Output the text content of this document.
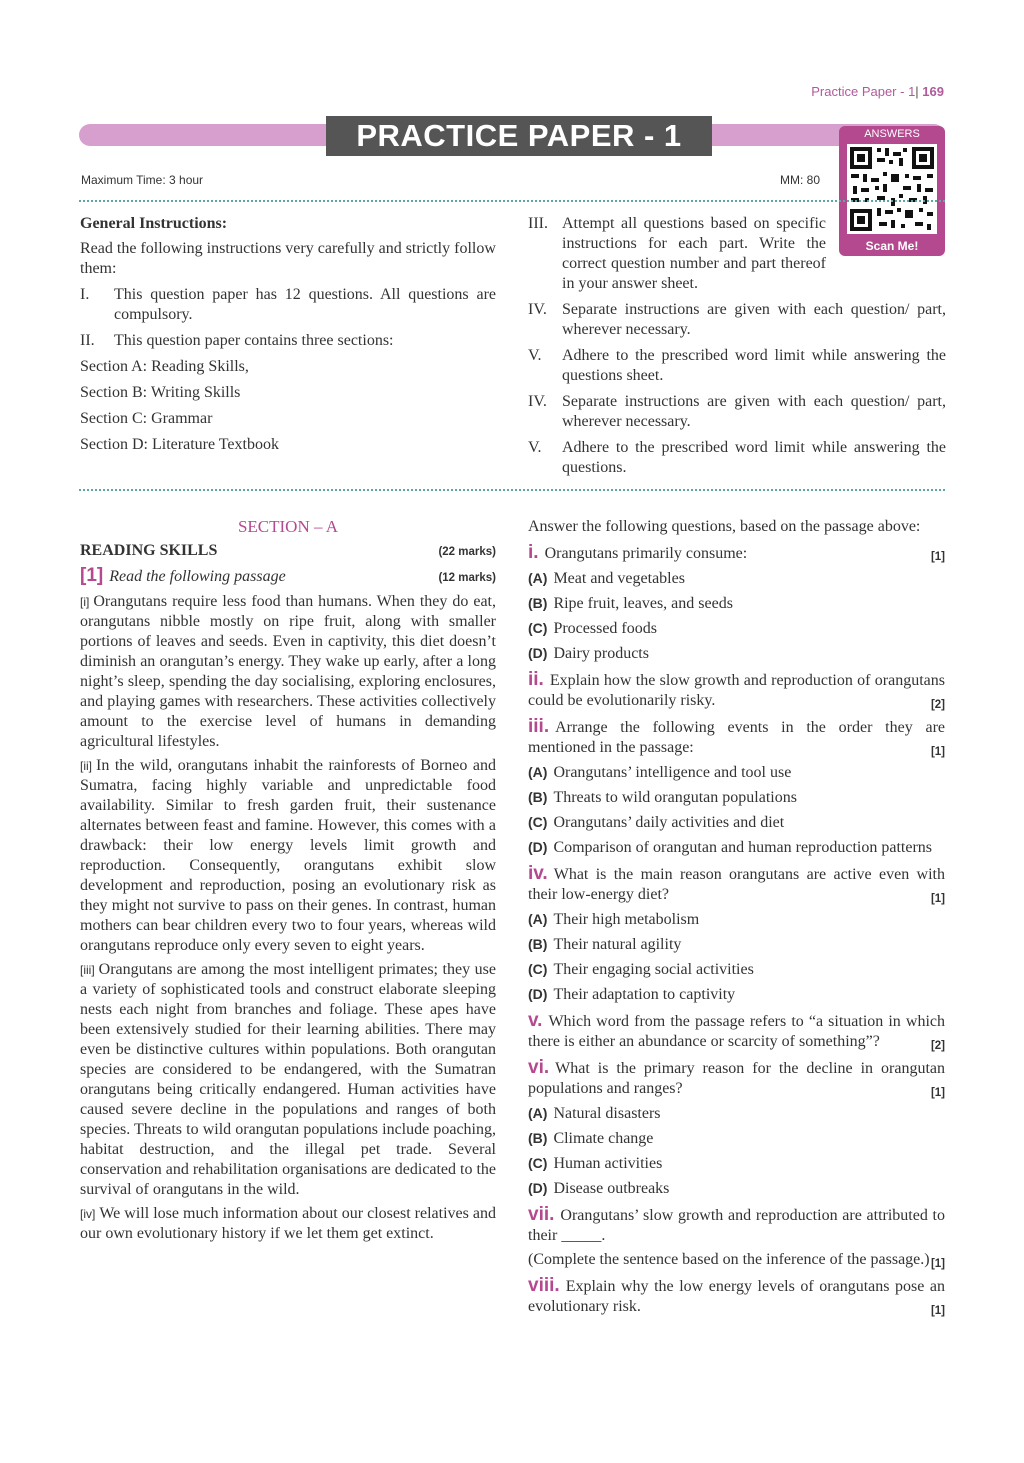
Practice Paper - 1| 169
PRACTICE PAPER - 1	ANSWERS
Scan Me!
Maximum Time: 3 hour	MM: 80
General Instructions:

Read the following instructions very carefully and strictly follow them:

I.	This question paper has 12 questions. All questions are compulsory.
II.	This question paper contains three sections:

Section A: Reading Skills,

Section B: Writing Skills

Section C: Grammar

Section D: Literature Textbook

III. Attempt all questions based on specific instructions for each part. Write the correct question number and part thereof in your answer sheet.
IV. Separate instructions are given with each question/ part, wherever necessary.
V.	Adhere to the prescribed word limit while answering the questions sheet.
IV. Separate instructions are given with each question/ part, wherever necessary.
V.	Adhere to the prescribed word limit while answering the questions.
SECTION – A
READING SKILLS	(22 marks)
[1] Read the following passage	(12 marks)

[i] Orangutans require less food than humans. When they do eat, orangutans nibble mostly on ripe fruit, along with smaller portions of leaves and seeds. Even in captivity, this diet doesn’t diminish an orangutan’s energy. They wake up early, after a long night’s sleep, spending the day socialising, exploring enclosures, and playing games with researchers. These activities collectively amount to the exercise level of humans in demanding agricultural lifestyles.

[ii] In the wild, orangutans inhabit the rainforests of Borneo and Sumatra, facing highly variable and unpredictable food availability. Similar to fresh garden fruit, their sustenance alternates between feast and famine. However, this comes with a drawback: their low energy levels limit growth and reproduction. Consequently, orangutans exhibit slow development and reproduction, posing an evolutionary risk as they might not survive to pass on their genes. In contrast, human mothers can bear children every two to four years, whereas wild orangutans reproduce only every seven to eight years.

[iii] Orangutans are among the most intelligent primates; they use a variety of sophisticated tools and construct elaborate sleeping nests each night from branches and foliage. These apes have been extensively studied for their learning abilities. There may even be distinctive cultures within populations. Both orangutan species are considered to be endangered, with the Sumatran orangutans being critically endangered. Human activities have caused severe decline in the populations and ranges of both species. Threats to wild orangutan populations include poaching, habitat destruction, and the illegal pet trade. Several conservation and rehabilitation organisations are dedicated to the survival of orangutans in the wild.

[iv] We will lose much information about our closest relatives and our own evolutionary history if we let them get extinct.

Answer the following questions, based on the passage above:

[1]
i. Orangutans primarily consume:
(A) Meat and vegetables
(B) Ripe fruit, leaves, and seeds
(C) Processed foods
(D) Dairy products
ii. Explain how the slow growth and reproduction of orangutans could be evolutionarily risky.	[2]
iii. Arrange the following events in the order they are mentioned in the passage:	[1]
(A) Orangutans’ intelligence and tool use
(B) Threats to wild orangutan populations
(C) Orangutans’ daily activities and diet
(D) Comparison of orangutan and human reproduction patterns
iv. What is the main reason orangutans are active even with their low-energy diet?	[1]
(A) Their high metabolism
(B) Their natural agility
(C) Their engaging social activities
(D) Their adaptation to captivity
v. Which word from the passage refers to “a situation in which there is either an abundance or scarcity of something”?	[2]
vi. What is the primary reason for the decline in orangutan populations and ranges?	[1]
(A) Natural disasters
(B) Climate change
(C) Human activities
(D) Disease outbreaks
vii. Orangutans’ slow growth and reproduction are attributed to their _____.
(Complete the sentence based on the inference of the passage.) [1]
viii. Explain why the low energy levels of orangutans pose an evolutionary risk.	[1]
